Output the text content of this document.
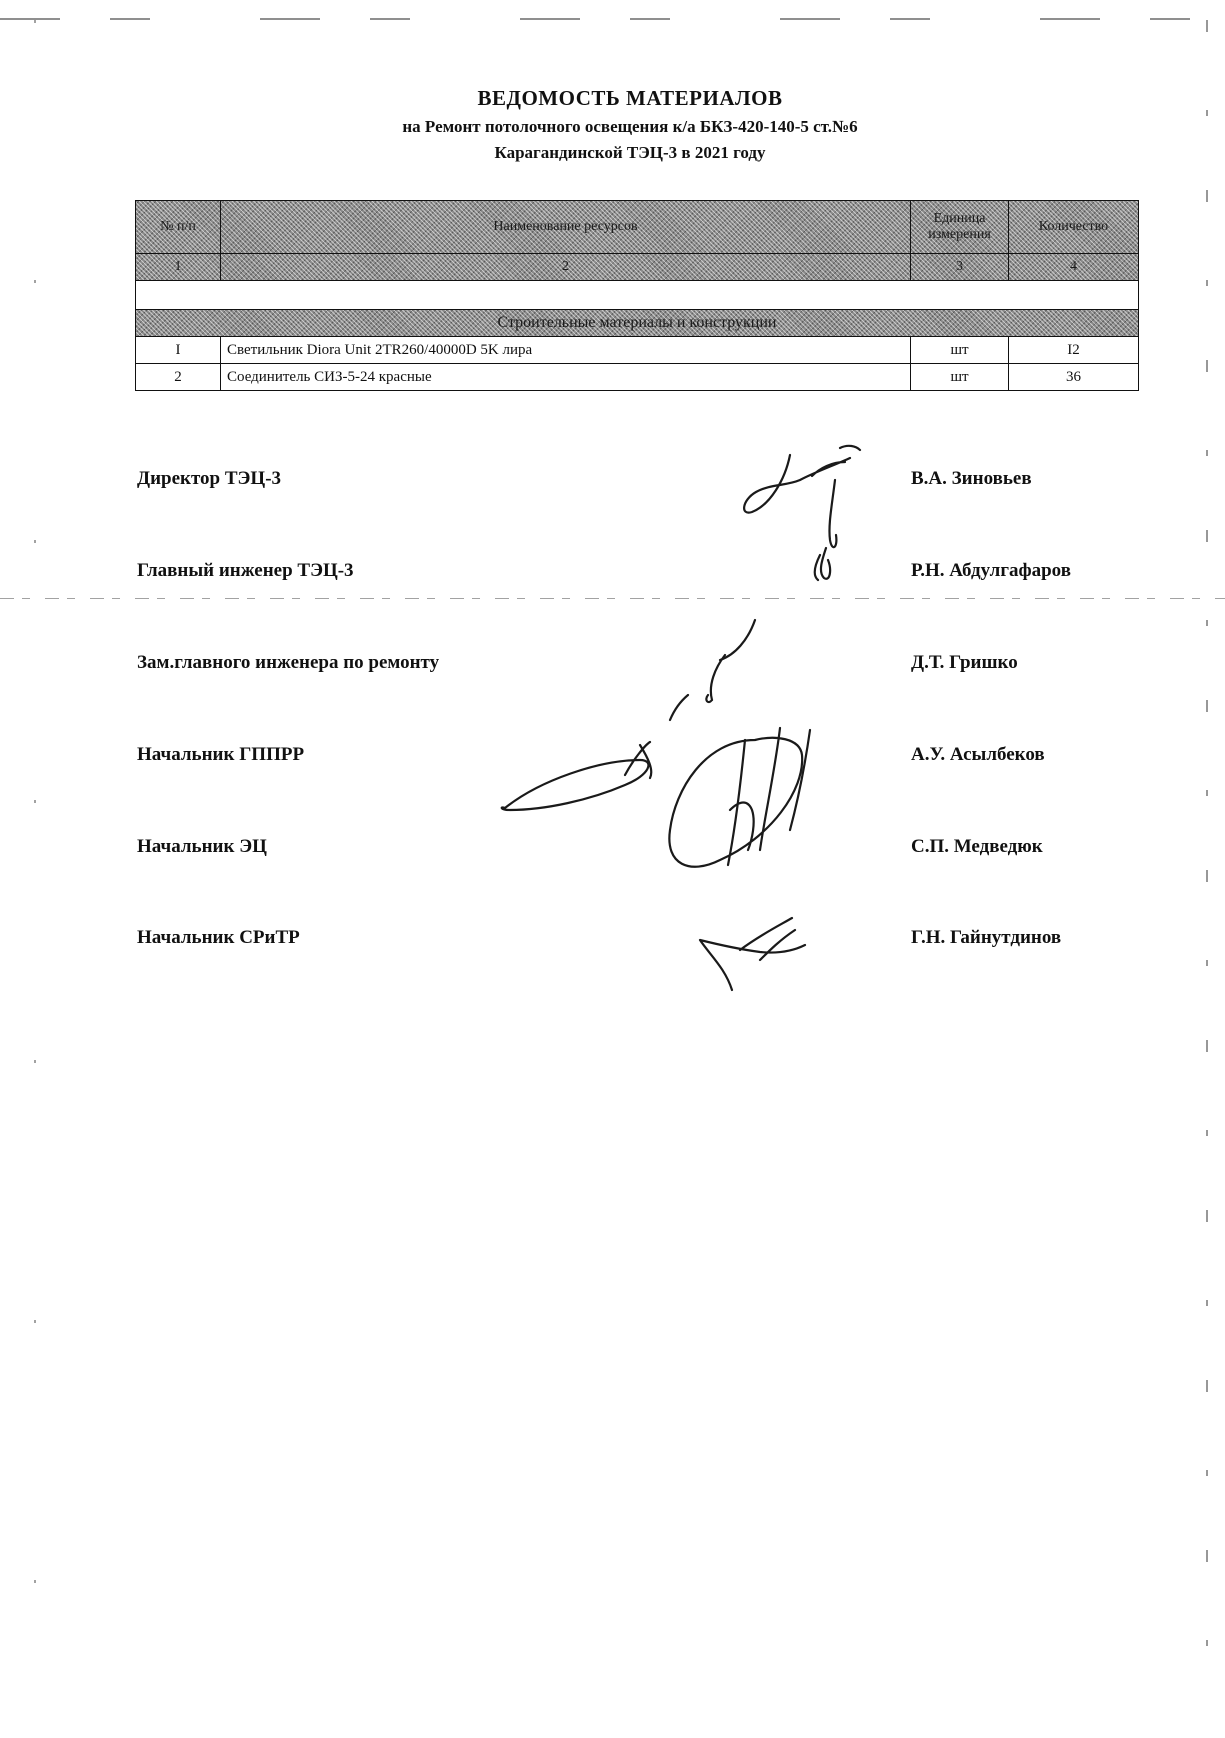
ВЕДОМОСТЬ МАТЕРИАЛОВ
на Ремонт потолочного освещения к/а БКЗ-420-140-5 ст.№6
Карагандинской ТЭЦ-3 в 2021 году
№ п/п	Наименование ресурсов	Единица измерения	Количество
1	2	3	4

Строительные материалы и конструкции			
I	Светильник Diora Unit 2TR260/40000D 5K лира	шт	I2
2	Соединитель СИЗ-5-24 красные	шт	36
Директор ТЭЦ-3	В.А. Зиновьев
Главный инженер ТЭЦ-3	Р.Н. Абдулгафаров
Зам.главного инженера по ремонту	Д.Т. Гришко
Начальник ГППРР	А.У. Асылбеков
Начальник ЭЦ	С.П. Медведюк
Начальник СРиТР	Г.Н. Гайнутдинов
